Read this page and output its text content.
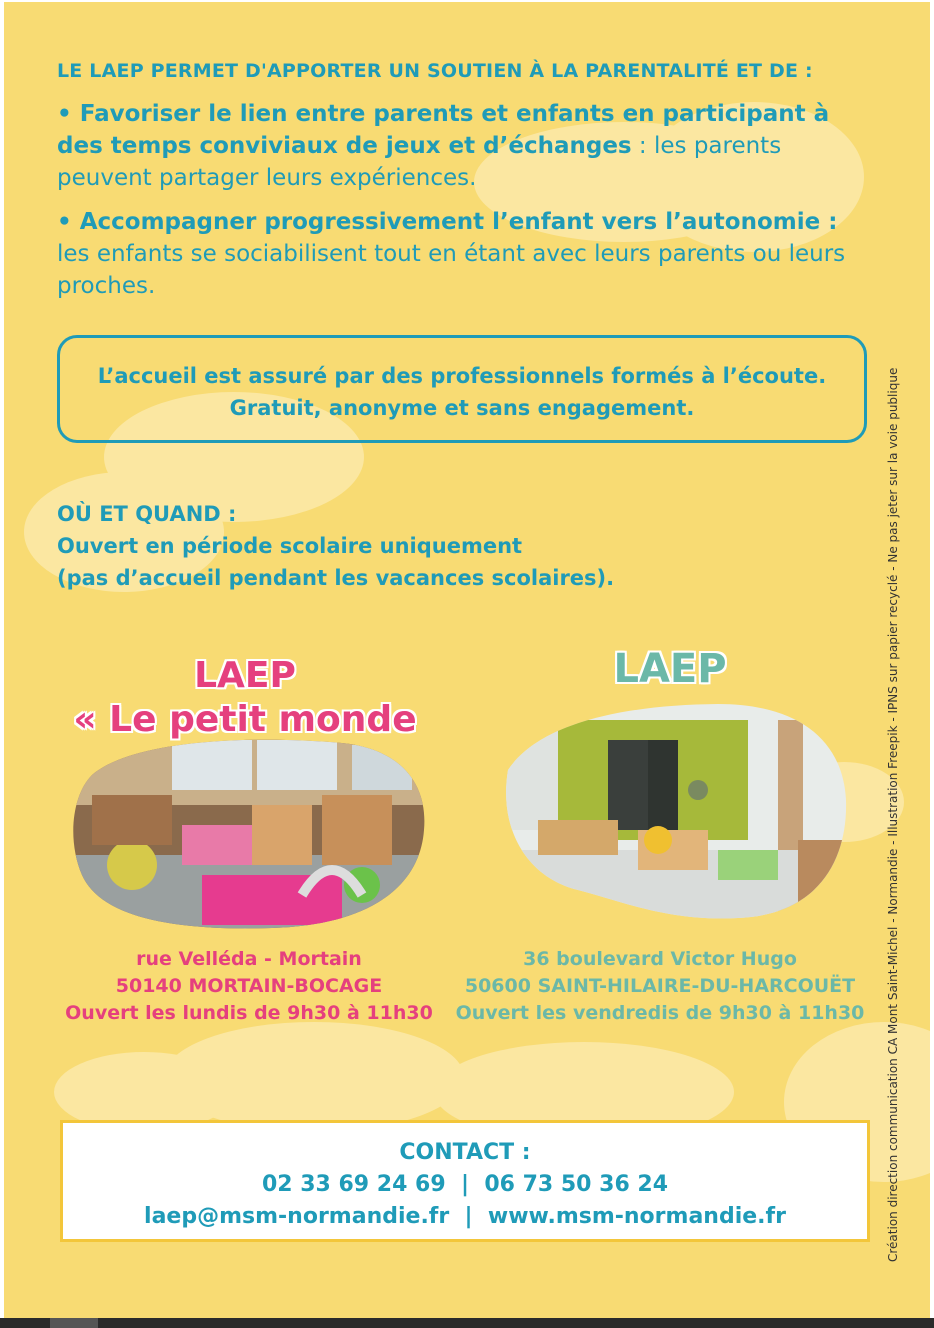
LE LAEP PERMET D'APPORTER UN SOUTIEN À LA PARENTALITÉ ET DE :
• Favoriser le lien entre parents et enfants en participant à des temps conviviaux de jeux et d’échanges : les parents peuvent partager leurs expériences.
• Accompagner progressivement l’enfant vers l’autonomie : les enfants se sociabilisent tout en étant avec leurs parents ou leurs proches.
L’accueil est assuré par des professionnels formés à l’écoute.
Gratuit, anonyme et sans engagement.
OÙ ET QUAND :
Ouvert en période scolaire uniquement
(pas d’accueil pendant les vacances scolaires).
LAEP
« Le petit monde
rue Velléda - Mortain
50140 MORTAIN-BOCAGE
Ouvert les lundis de 9h30 à 11h30
LAEP
36 boulevard Victor Hugo
50600 SAINT-HILAIRE-DU-HARCOUËT
Ouvert les vendredis de 9h30 à 11h30
CONTACT :
02 33 69 24 69  |  06 73 50 36 24
laep@msm-normandie.fr  |  www.msm-normandie.fr	Création direction communication CA Mont Saint-Michel - Normandie - Illustration Freepik - IPNS sur papier recyclé - Ne pas jeter sur la voie publique
